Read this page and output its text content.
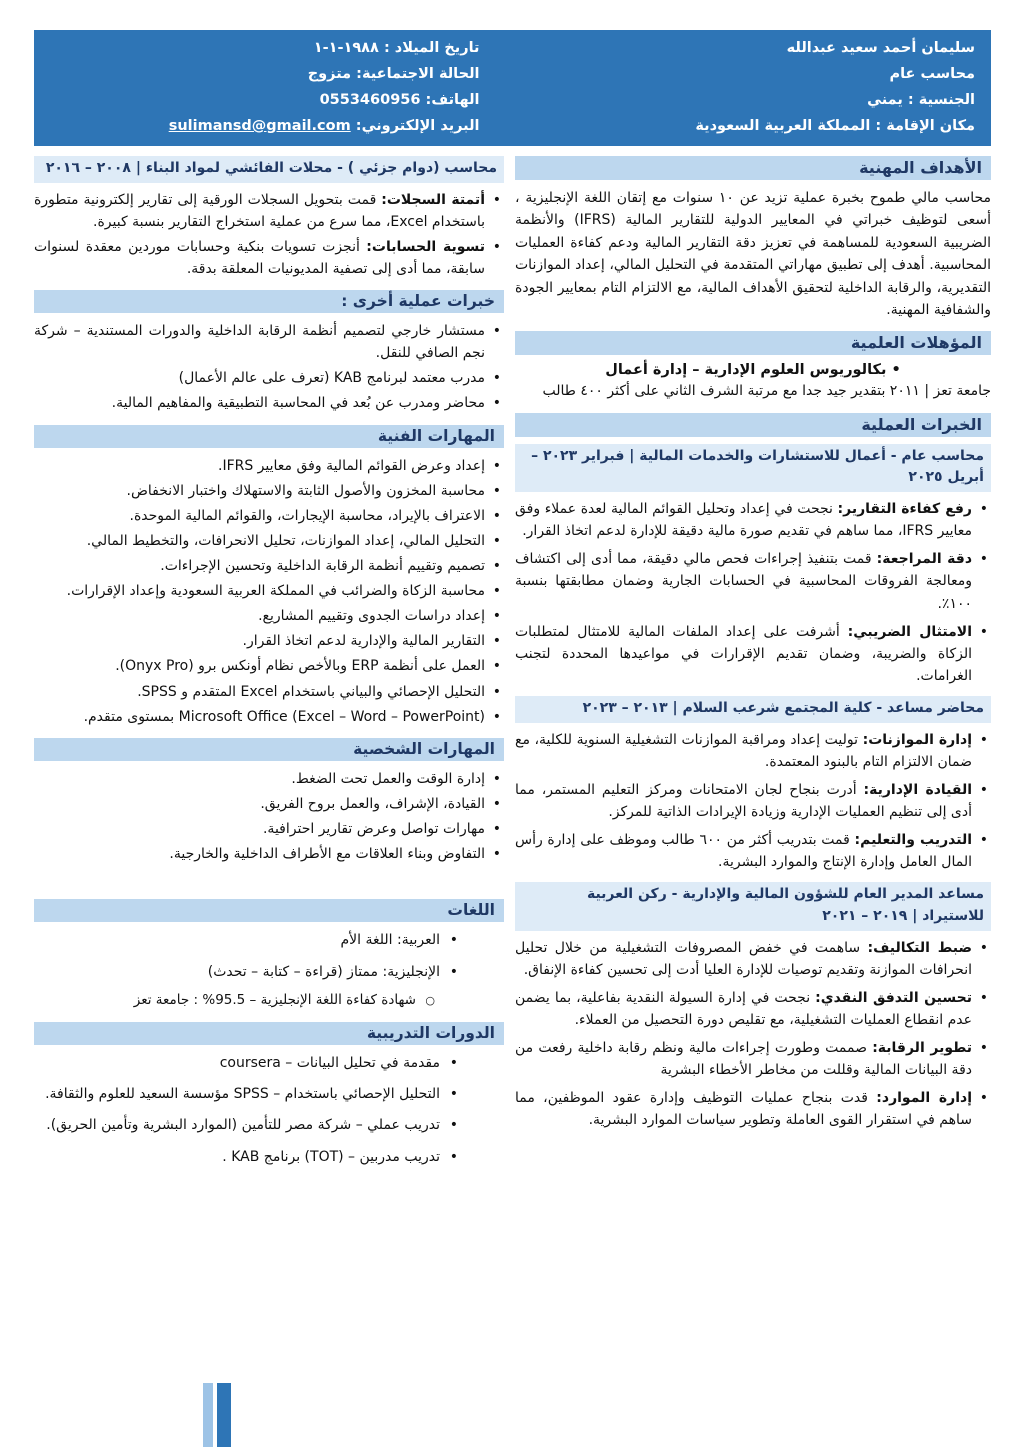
سليمان أحمد سعيد عبدالله
محاسب عام
الجنسية : يمني
مكان الإقامة : المملكة العربية السعودية
تاريخ الميلاد : ١٩٨٨-١-١
الحالة الاجتماعية: متزوج
الهاتف: 0553460956
البريد الإلكتروني: sulimansd@gmail.com
الأهداف المهنية

محاسب مالي طموح بخبرة عملية تزيد عن ١٠ سنوات مع إتقان اللغة الإنجليزية ، أسعى لتوظيف خبراتي في المعايير الدولية للتقارير المالية (IFRS) والأنظمة الضريبية السعودية للمساهمة في تعزيز دقة التقارير المالية ودعم كفاءة العمليات المحاسبية. أهدف إلى تطبيق مهاراتي المتقدمة في التحليل المالي، إعداد الموازنات التقديرية، والرقابة الداخلية لتحقيق الأهداف المالية، مع الالتزام التام بمعايير الجودة والشفافية المهنية.

المؤهلات العلمية

• بكالوريوس العلوم الإدارية – إدارة أعمال

جامعة تعز | ٢٠١١ بتقدير جيد جدا مع مرتبة الشرف الثاني على أكثر ٤٠٠ طالب

الخبرات العملية
محاسب عام - أعمال للاستشارات والخدمات المالية | فبراير ٢٠٢٣ – أبريل ٢٠٢٥
• رفع كفاءة التقارير: نجحت في إعداد وتحليل القوائم المالية لعدة عملاء وفق معايير IFRS، مما ساهم في تقديم صورة مالية دقيقة للإدارة لدعم اتخاذ القرار.
• دقة المراجعة: قمت بتنفيذ إجراءات فحص مالي دقيقة، مما أدى إلى اكتشاف ومعالجة الفروقات المحاسبية في الحسابات الجارية وضمان مطابقتها بنسبة ١٠٠٪.
• الامتثال الضريبي: أشرفت على إعداد الملفات المالية للامتثال لمتطلبات الزكاة والضريبة، وضمان تقديم الإقرارات في مواعيدها المحددة لتجنب الغرامات.
محاضر مساعد - كلية المجتمع شرعب السلام | ٢٠١٣ – ٢٠٢٣
• إدارة الموازنات: توليت إعداد ومراقبة الموازنات التشغيلية السنوية للكلية، مع ضمان الالتزام التام بالبنود المعتمدة.
• القيادة الإدارية: أدرت بنجاح لجان الامتحانات ومركز التعليم المستمر، مما أدى إلى تنظيم العمليات الإدارية وزيادة الإيرادات الذاتية للمركز.
• التدريب والتعليم: قمت بتدريب أكثر من ٦٠٠ طالب وموظف على إدارة رأس المال العامل وإدارة الإنتاج والموارد البشرية.
مساعد المدير العام للشؤون المالية والإدارية - ركن العربية للاستيراد | ٢٠١٩ – ٢٠٢١
• ضبط التكاليف: ساهمت في خفض المصروفات التشغيلية من خلال تحليل انحرافات الموازنة وتقديم توصيات للإدارة العليا أدت إلى تحسين كفاءة الإنفاق.
• تحسين التدفق النقدي: نجحت في إدارة السيولة النقدية بفاعلية، بما يضمن عدم انقطاع العمليات التشغيلية، مع تقليص دورة التحصيل من العملاء.
• تطوير الرقابة: صممت وطورت إجراءات مالية ونظم رقابة داخلية رفعت من دقة البيانات المالية وقللت من مخاطر الأخطاء البشرية
• إدارة الموارد: قدت بنجاح عمليات التوظيف وإدارة عقود الموظفين، مما ساهم في استقرار القوى العاملة وتطوير سياسات الموارد البشرية.
محاسب (دوام جزئي ) - محلات الفائشي لمواد البناء | ٢٠٠٨ – ٢٠١٦
• أتمتة السجلات: قمت بتحويل السجلات الورقية إلى تقارير إلكترونية متطورة باستخدام Excel، مما سرع من عملية استخراج التقارير بنسبة كبيرة.
• تسوية الحسابات: أنجزت تسويات بنكية وحسابات موردين معقدة لسنوات سابقة، مما أدى إلى تصفية المديونيات المعلقة بدقة.
خبرات عملية أخرى :
• مستشار خارجي لتصميم أنظمة الرقابة الداخلية والدورات المستندية – شركة نجم الصافي للنقل.
• مدرب معتمد لبرنامج KAB (تعرف على عالم الأعمال)
• محاضر ومدرب عن بُعد في المحاسبة التطبيقية والمفاهيم المالية.
المهارات الفنية
• إعداد وعرض القوائم المالية وفق معايير IFRS.
• محاسبة المخزون والأصول الثابتة والاستهلاك واختبار الانخفاض.
• الاعتراف بالإيراد، محاسبة الإيجارات، والقوائم المالية الموحدة.
• التحليل المالي، إعداد الموازنات، تحليل الانحرافات، والتخطيط المالي.
• تصميم وتقييم أنظمة الرقابة الداخلية وتحسين الإجراءات.
• محاسبة الزكاة والضرائب في المملكة العربية السعودية وإعداد الإقرارات.
• إعداد دراسات الجدوى وتقييم المشاريع.
• التقارير المالية والإدارية لدعم اتخاذ القرار.
• العمل على أنظمة ERP وبالأخص نظام أونكس برو (Onyx Pro).
• التحليل الإحصائي والبياني باستخدام Excel المتقدم و SPSS.
• Microsoft Office (Excel – Word – PowerPoint) بمستوى متقدم.
المهارات الشخصية
• إدارة الوقت والعمل تحت الضغط.
• القيادة، الإشراف، والعمل بروح الفريق.
• مهارات تواصل وعرض تقارير احترافية.
• التفاوض وبناء العلاقات مع الأطراف الداخلية والخارجية.
اللغات
• العربية: اللغة الأم
• الإنجليزية: ممتاز (قراءة – كتابة – تحدث)
○ شهادة كفاءة اللغة الإنجليزية – 95.5% : جامعة تعز
الدورات التدريبية
• مقدمة في تحليل البيانات – coursera
• التحليل الإحصائي باستخدام – SPSS مؤسسة السعيد للعلوم والثقافة.
• تدريب عملي – شركة مصر للتأمين (الموارد البشرية وتأمين الحريق).
• تدريب مدربين – (TOT) برنامج KAB .
